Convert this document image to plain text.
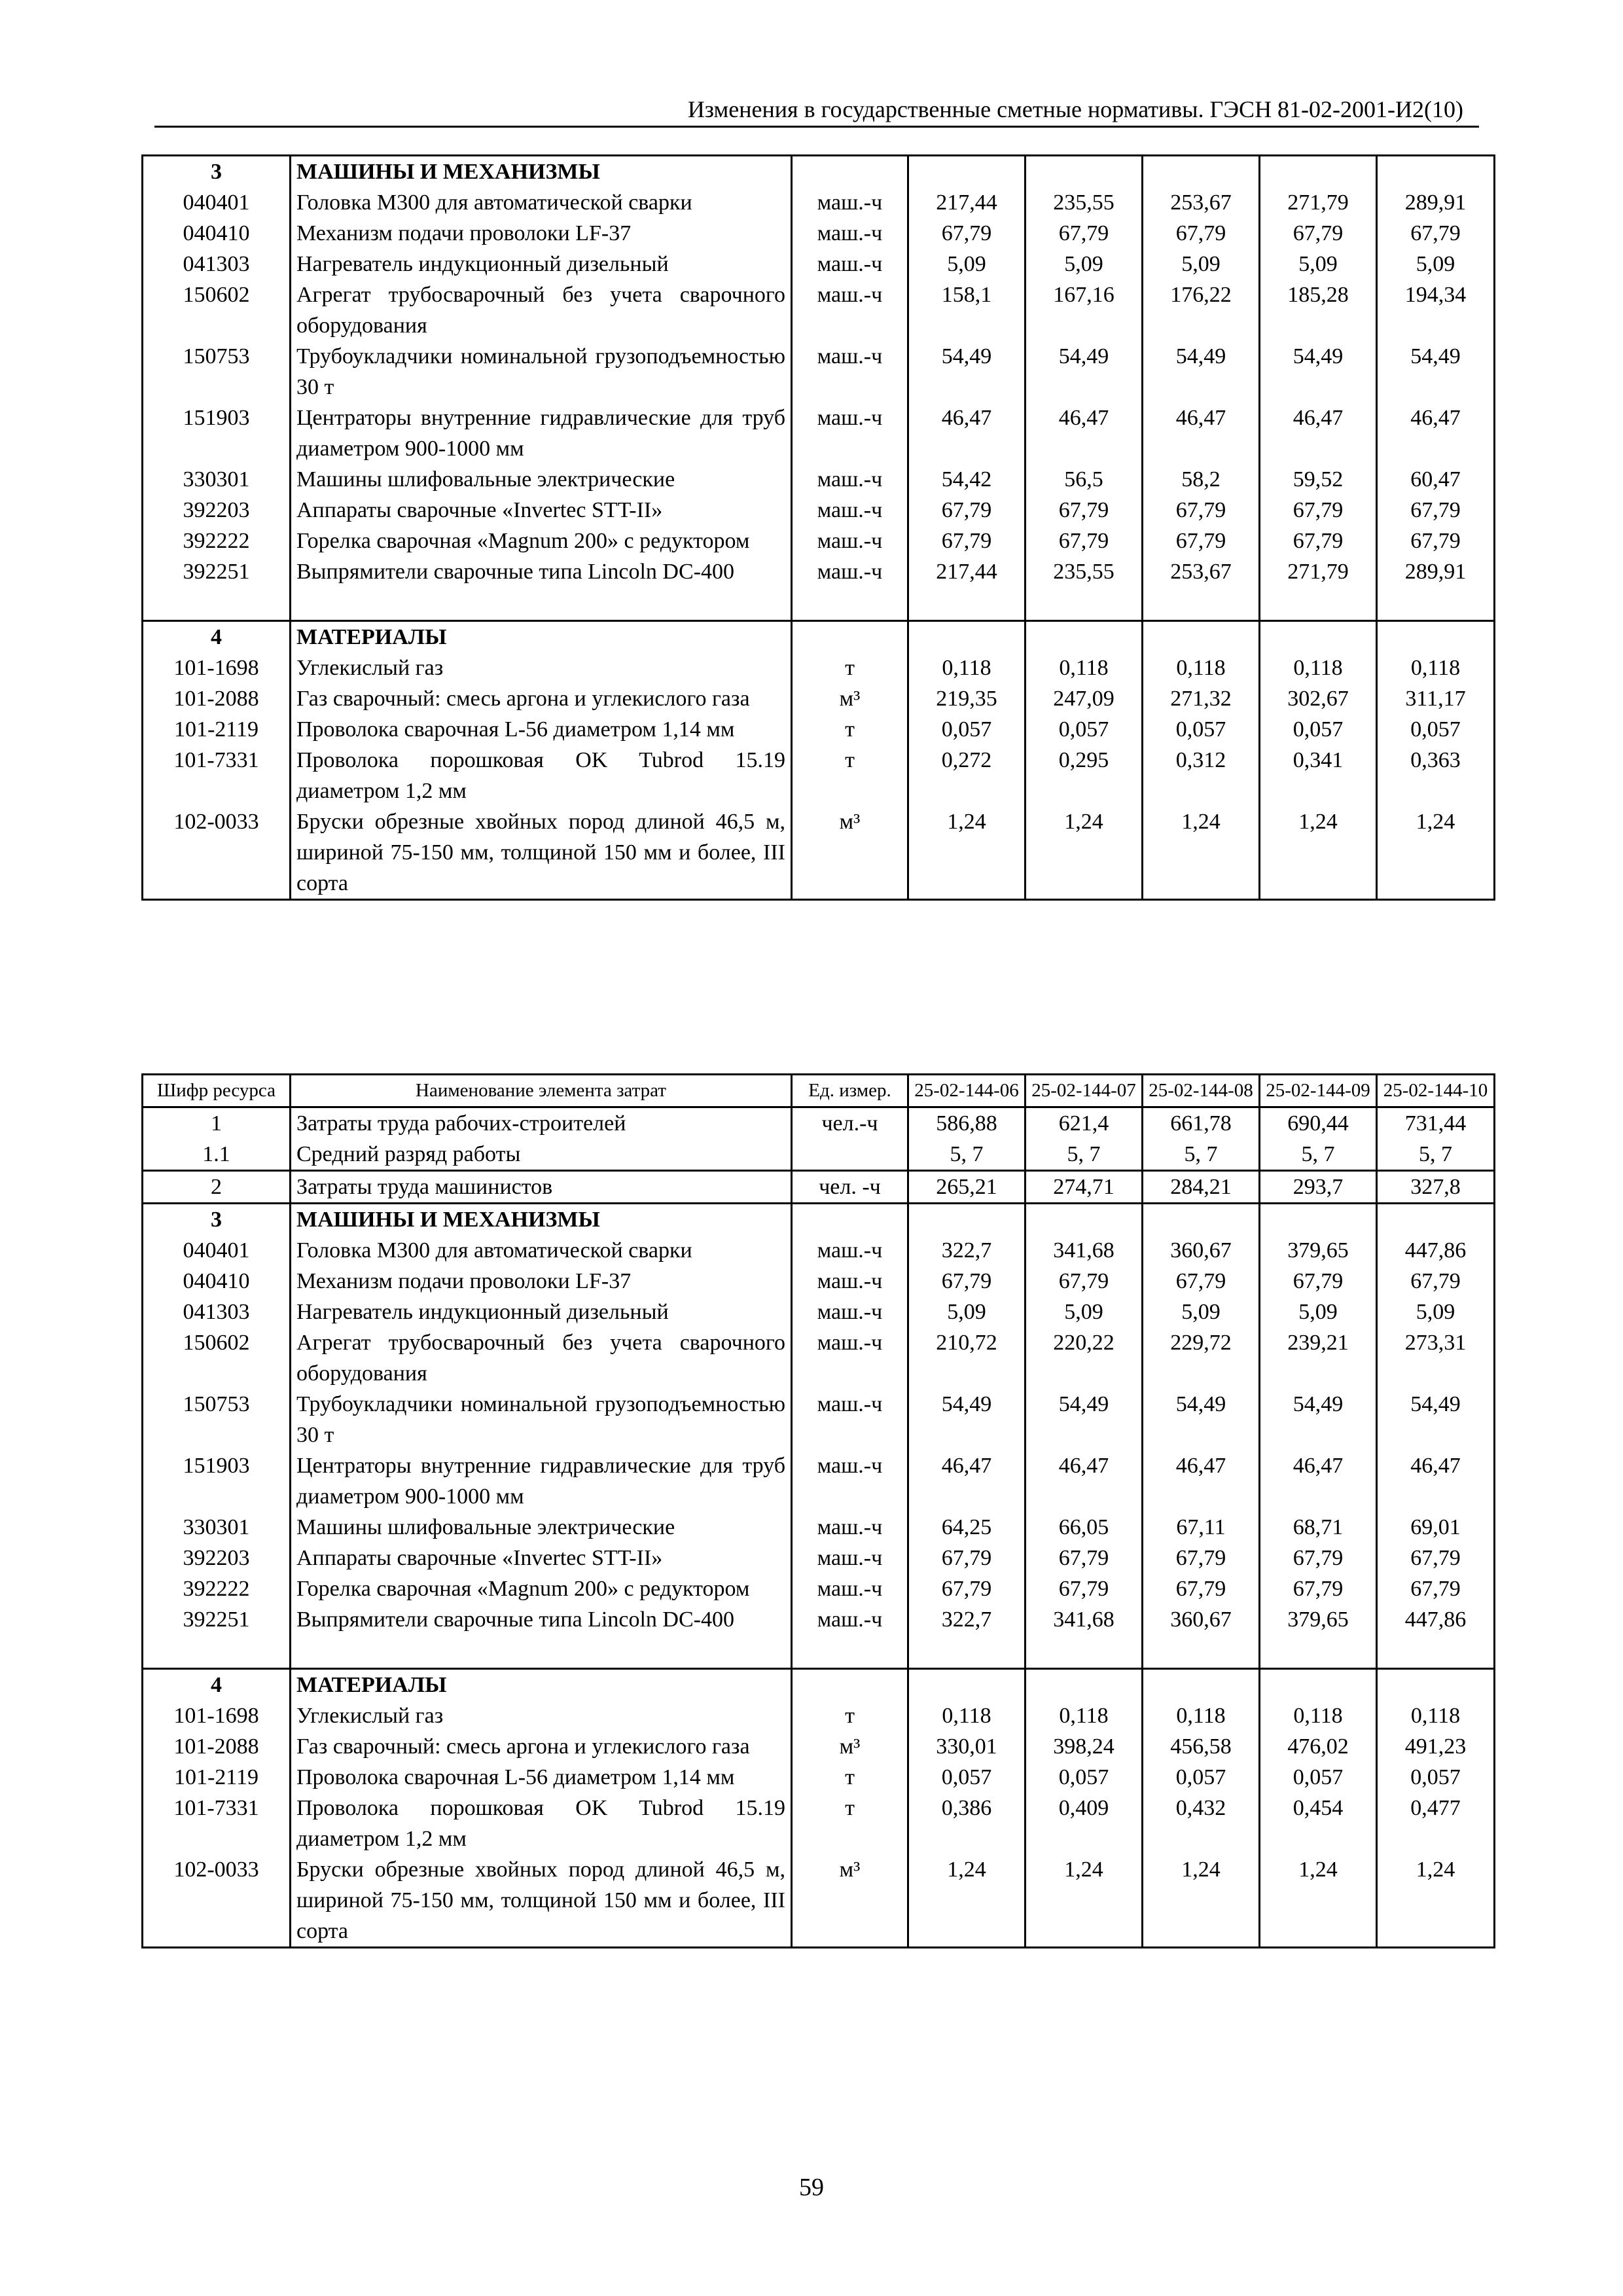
Изменения в государственные сметные нормативы. ГЭСН 81-02-2001-И2(10)
3	МАШИНЫ И МЕХАНИЗМЫ						
040401	Головка М300 для автоматической сварки	маш.-ч	217,44	235,55	253,67	271,79	289,91
040410	Механизм подачи проволоки LF-37	маш.-ч	67,79	67,79	67,79	67,79	67,79
041303	Нагреватель индукционный дизельный	маш.-ч	5,09	5,09	5,09	5,09	5,09
150602	Агрегат трубосварочный без учета сварочного оборудования	маш.-ч	158,1	167,16	176,22	185,28	194,34
150753	Трубоукладчики номинальной грузоподъемностью 30 т	маш.-ч	54,49	54,49	54,49	54,49	54,49
151903	Центраторы внутренние гидравлические для труб диаметром 900-1000 мм	маш.-ч	46,47	46,47	46,47	46,47	46,47
330301	Машины шлифовальные электрические	маш.-ч	54,42	56,5	58,2	59,52	60,47
392203	Аппараты сварочные «Invertec STT-II»	маш.-ч	67,79	67,79	67,79	67,79	67,79
392222	Горелка сварочная «Magnum 200» с редуктором	маш.-ч	67,79	67,79	67,79	67,79	67,79
392251	Выпрямители сварочные типа Lincoln DC-400	маш.-ч	217,44	235,55	253,67	271,79	289,91

4	МАТЕРИАЛЫ						
101-1698	Углекислый газ	т	0,118	0,118	0,118	0,118	0,118
101-2088	Газ сварочный: смесь аргона и углекислого газа	м³	219,35	247,09	271,32	302,67	311,17
101-2119	Проволока сварочная L-56 диаметром 1,14 мм	т	0,057	0,057	0,057	0,057	0,057
101-7331	Проволока порошковая OK Tubrod 15.19 диаметром 1,2 мм	т	0,272	0,295	0,312	0,341	0,363
102-0033	Бруски обрезные хвойных пород длиной 46,5 м, шириной 75-150 мм, толщиной 150 мм и более, III сорта	м³	1,24	1,24	1,24	1,24	1,24
Шифр ресурса	Наименование элемента затрат	Ед. измер.	25-02-144-06	25-02-144-07	25-02-144-08	25-02-144-09	25-02-144-10
1	Затраты труда рабочих-строителей	чел.-ч	586,88	621,4	661,78	690,44	731,44
1.1	Средний разряд работы		5, 7	5, 7	5, 7	5, 7	5, 7
2	Затраты труда машинистов	чел. -ч	265,21	274,71	284,21	293,7	327,8
3	МАШИНЫ И МЕХАНИЗМЫ						
040401	Головка М300 для автоматической сварки	маш.-ч	322,7	341,68	360,67	379,65	447,86
040410	Механизм подачи проволоки LF-37	маш.-ч	67,79	67,79	67,79	67,79	67,79
041303	Нагреватель индукционный дизельный	маш.-ч	5,09	5,09	5,09	5,09	5,09
150602	Агрегат трубосварочный без учета сварочного оборудования	маш.-ч	210,72	220,22	229,72	239,21	273,31
150753	Трубоукладчики номинальной грузоподъемностью 30 т	маш.-ч	54,49	54,49	54,49	54,49	54,49
151903	Центраторы внутренние гидравлические для труб диаметром 900-1000 мм	маш.-ч	46,47	46,47	46,47	46,47	46,47
330301	Машины шлифовальные электрические	маш.-ч	64,25	66,05	67,11	68,71	69,01
392203	Аппараты сварочные «Invertec STT-II»	маш.-ч	67,79	67,79	67,79	67,79	67,79
392222	Горелка сварочная «Magnum 200» с редуктором	маш.-ч	67,79	67,79	67,79	67,79	67,79
392251	Выпрямители сварочные типа Lincoln DC-400	маш.-ч	322,7	341,68	360,67	379,65	447,86

4	МАТЕРИАЛЫ						
101-1698	Углекислый газ	т	0,118	0,118	0,118	0,118	0,118
101-2088	Газ сварочный: смесь аргона и углекислого газа	м³	330,01	398,24	456,58	476,02	491,23
101-2119	Проволока сварочная L-56 диаметром 1,14 мм	т	0,057	0,057	0,057	0,057	0,057
101-7331	Проволока порошковая OK Tubrod 15.19 диаметром 1,2 мм	т	0,386	0,409	0,432	0,454	0,477
102-0033	Бруски обрезные хвойных пород длиной 46,5 м, шириной 75-150 мм, толщиной 150 мм и более, III сорта	м³	1,24	1,24	1,24	1,24	1,24
59
